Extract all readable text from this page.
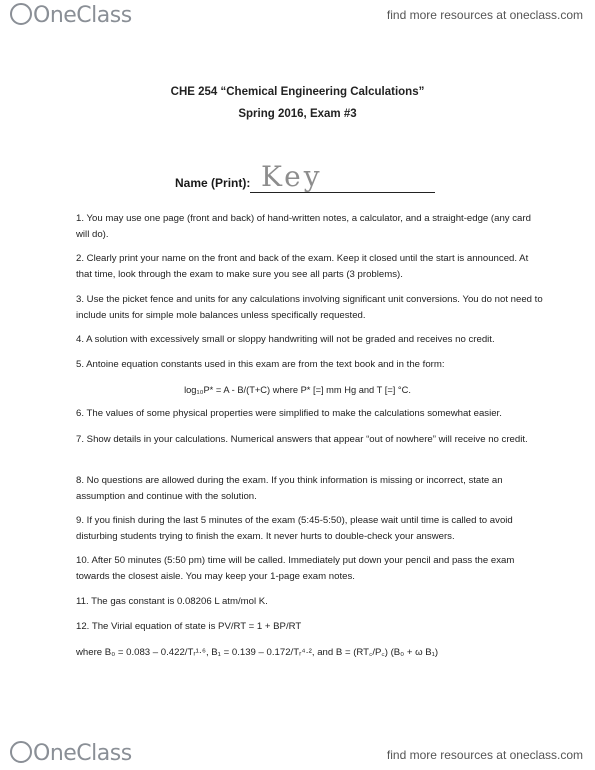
OneClass	find more resources at oneclass.com
CHE 254 “Chemical Engineering Calculations”
Spring 2016, Exam #3
Name (Print): Key
1. You may use one page (front and back) of hand-written notes, a calculator, and a straight-edge (any card will do).
2. Clearly print your name on the front and back of the exam. Keep it closed until the start is announced. At that time, look through the exam to make sure you see all parts (3 problems).
3. Use the picket fence and units for any calculations involving significant unit conversions. You do not need to include units for simple mole balances unless specifically requested.
4. A solution with excessively small or sloppy handwriting will not be graded and receives no credit.
5. Antoine equation constants used in this exam are from the text book and in the form:
log₁₀P* = A - B/(T+C) where P* [=] mm Hg and T [=] °C.
6. The values of some physical properties were simplified to make the calculations somewhat easier.
7. Show details in your calculations. Numerical answers that appear “out of nowhere” will receive no credit.
8. No questions are allowed during the exam. If you think information is missing or incorrect, state an assumption and continue with the solution.
9. If you finish during the last 5 minutes of the exam (5:45-5:50), please wait until time is called to avoid disturbing students trying to finish the exam. It never hurts to double-check your answers.
10. After 50 minutes (5:50 pm) time will be called. Immediately put down your pencil and pass the exam towards the closest aisle. You may keep your 1-page exam notes.
11. The gas constant is 0.08206 L atm/mol K.
12. The Virial equation of state is PV/RT = 1 + BP/RT
where B₀ = 0.083 – 0.422/Tᵣ¹·⁶, B₁ = 0.139 – 0.172/Tᵣ⁴·², and B = (RT꜀/P꜀) (B₀ + ω B₁)
OneClass	find more resources at oneclass.com
